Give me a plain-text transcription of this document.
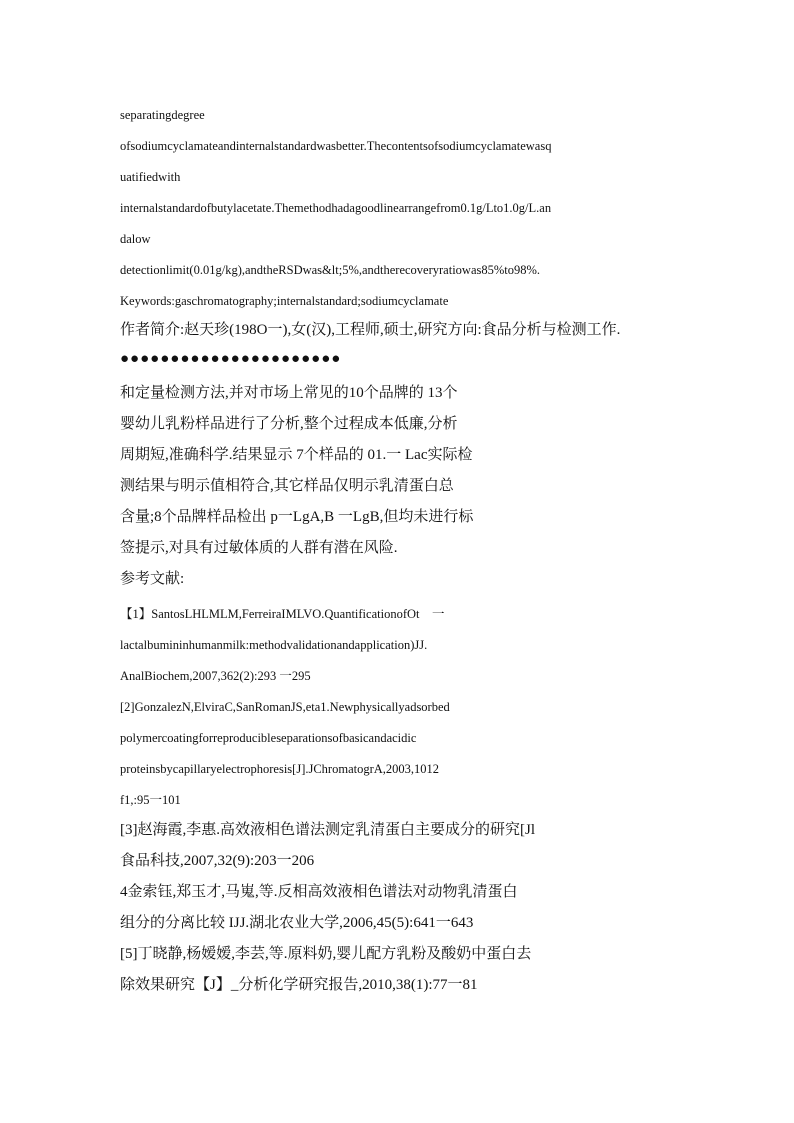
separatingdegree
ofsodiumcyclamateandinternalstandardwasbetter.Thecontentsofsodiumcyclamatewasq
uatifiedwith
internalstandardofbutylacetate.Themethodhadagoodlinearrangefrom0.1g/Lto1.0g/L.an
dalow
detectionlimit(0.01g/kg),andtheRSDwas&lt;5%,andtherecoveryratiowas85%to98%.
Keywords:gaschromatography;internalstandard;sodiumcyclamate
作者简介:赵天珍(198O一),女(汉),工程师,硕士,研究方向:食品分析与检测工作.
●●●●●●●●●●●●●●●●●●●●●●
和定量检测方法,并对市场上常见的10个品牌的 13个
婴幼儿乳粉样品进行了分析,整个过程成本低廉,分析
周期短,准确科学.结果显示 7个样品的 01.一 Lac实际检
测结果与明示值相符合,其它样品仅明示乳清蛋白总
含量;8个品牌样品检出 p一LgA,B 一LgB,但均未进行标
签提示,对具有过敏体质的人群有潜在风险.
参考文献:
【1】SantosLHLMLM,FerreiraIMLVO.QuantificationofOt　一
lactalbumininhumanmilk:methodvalidationandapplication)JJ.
AnalBiochem,2007,362(2):293 一295
[2]GonzalezN,ElviraC,SanRomanJS,eta1.Newphysicallyadsorbed
polymercoatingforreproducibleseparationsofbasicandacidic
proteinsbycapillaryelectrophoresis[J].JChromatogrA,2003,1012
f1,:95一101
[3]赵海霞,李惠.高效液相色谱法测定乳清蛋白主要成分的研究[Jl
食品科技,2007,32(9):203一206
4金索钰,郑玉才,马嵬,等.反相高效液相色谱法对动物乳清蛋白
组分的分离比较 IJJ.湖北农业大学,2006,45(5):641一643
[5]丁晓静,杨嫒嫒,李芸,等.原料奶,婴儿配方乳粉及酸奶中蛋白去
除效果研究【J】_分析化学研究报告,2010,38(1):77一81
